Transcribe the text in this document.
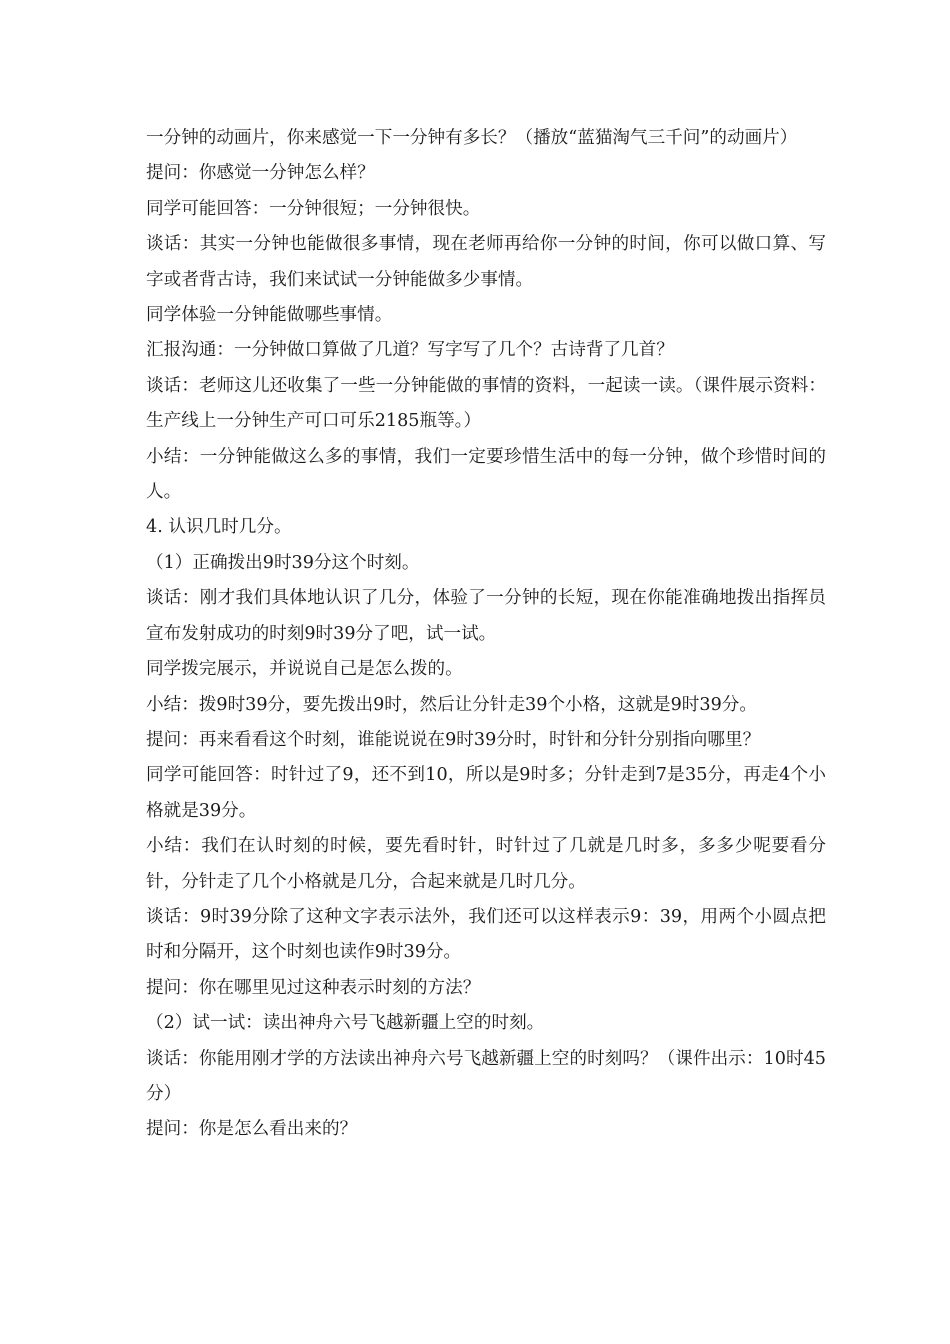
一分钟的动画片，你来感觉一下一分钟有多长？（播放“蓝猫淘气三千问”的动画片）

提问：你感觉一分钟怎么样？

同学可能回答：一分钟很短；一分钟很快。

谈话：其实一分钟也能做很多事情，现在老师再给你一分钟的时间，你可以做口算、写字或者背古诗，我们来试试一分钟能做多少事情。

同学体验一分钟能做哪些事情。

汇报沟通：一分钟做口算做了几道？写字写了几个？古诗背了几首？

谈话：老师这儿还收集了一些一分钟能做的事情的资料，一起读一读。（课件展示资料：生产线上一分钟生产可口可乐2185瓶等。）

小结：一分钟能做这么多的事情，我们一定要珍惜生活中的每一分钟，做个珍惜时间的人。

4. 认识几时几分。

（1）正确拨出9时39分这个时刻。

谈话：刚才我们具体地认识了几分，体验了一分钟的长短，现在你能准确地拨出指挥员宣布发射成功的时刻9时39分了吧，试一试。

同学拨完展示，并说说自己是怎么拨的。

小结：拨9时39分，要先拨出9时，然后让分针走39个小格，这就是9时39分。

提问：再来看看这个时刻，谁能说说在9时39分时，时针和分针分别指向哪里？

同学可能回答：时针过了9，还不到10，所以是9时多；分针走到7是35分，再走4个小格就是39分。

小结：我们在认时刻的时候，要先看时针，时针过了几就是几时多，多多少呢要看分针，分针走了几个小格就是几分，合起来就是几时几分。

谈话：9时39分除了这种文字表示法外，我们还可以这样表示9：39，用两个小圆点把时和分隔开，这个时刻也读作9时39分。

提问：你在哪里见过这种表示时刻的方法？

（2）试一试：读出神舟六号飞越新疆上空的时刻。

谈话：你能用刚才学的方法读出神舟六号飞越新疆上空的时刻吗？（课件出示：10时45分）

提问：你是怎么看出来的？
